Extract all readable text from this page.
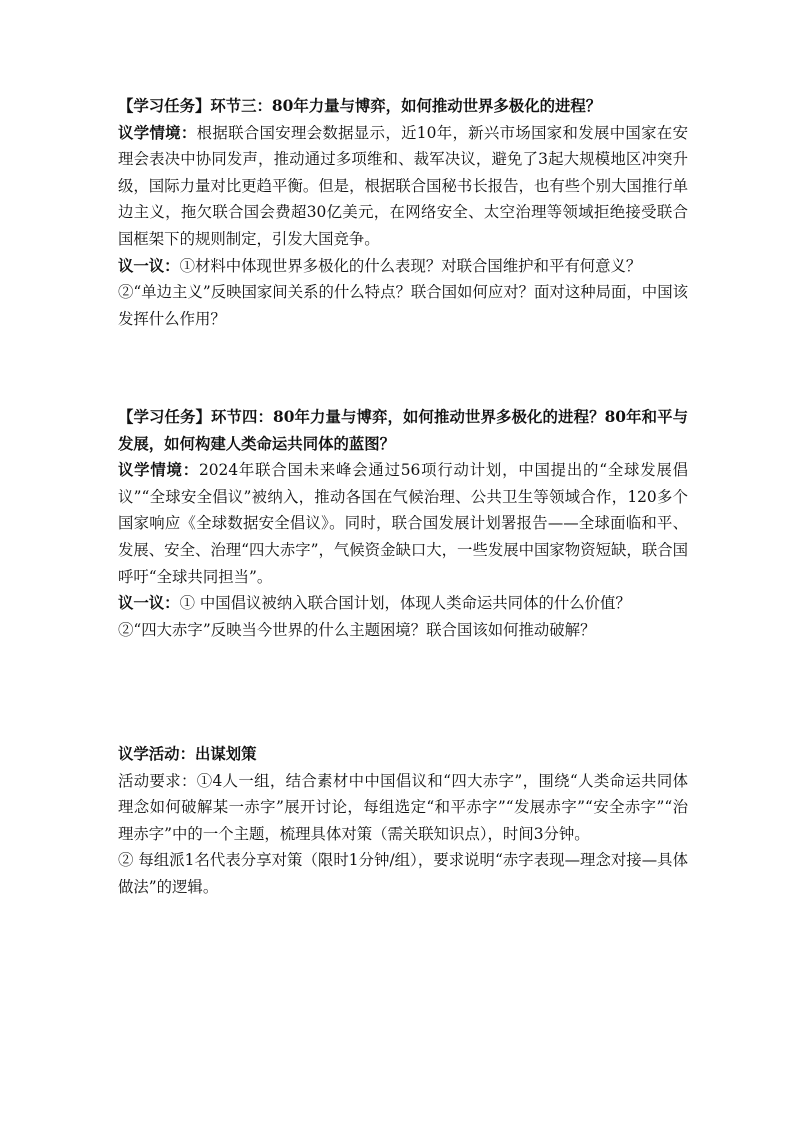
【学习任务】环节三：80年力量与博弈，如何推动世界多极化的进程？

议学情境：根据联合国安理会数据显示，近10年，新兴市场国家和发展中国家在安理会表决中协同发声，推动通过多项维和、裁军决议，避免了3起大规模地区冲突升级，国际力量对比更趋平衡。但是，根据联合国秘书长报告，也有些个别大国推行单边主义，拖欠联合国会费超30亿美元，在网络安全、太空治理等领域拒绝接受联合国框架下的规则制定，引发大国竞争。

议一议：①材料中体现世界多极化的什么表现？对联合国维护和平有何意义？

②“单边主义”反映国家间关系的什么特点？联合国如何应对？面对这种局面，中国该发挥什么作用？

【学习任务】环节四：80年力量与博弈，如何推动世界多极化的进程？80年和平与发展，如何构建人类命运共同体的蓝图？

议学情境：2024年联合国未来峰会通过56项行动计划，中国提出的“全球发展倡议”“全球安全倡议”被纳入，推动各国在气候治理、公共卫生等领域合作，120多个国家响应《全球数据安全倡议》。同时，联合国发展计划署报告——全球面临和平、发展、安全、治理“四大赤字”，气候资金缺口大，一些发展中国家物资短缺，联合国呼吁“全球共同担当”。

议一议：① 中国倡议被纳入联合国计划，体现人类命运共同体的什么价值？

②“四大赤字”反映当今世界的什么主题困境？联合国该如何推动破解？

议学活动：出谋划策

活动要求：①4人一组，结合素材中中国倡议和“四大赤字”，围绕“人类命运共同体理念如何破解某一赤字”展开讨论，每组选定“和平赤字”“发展赤字”“安全赤字”“治理赤字”中的一个主题，梳理具体对策（需关联知识点），时间3分钟。

② 每组派1名代表分享对策（限时1分钟/组），要求说明“赤字表现—理念对接—具体做法”的逻辑。
